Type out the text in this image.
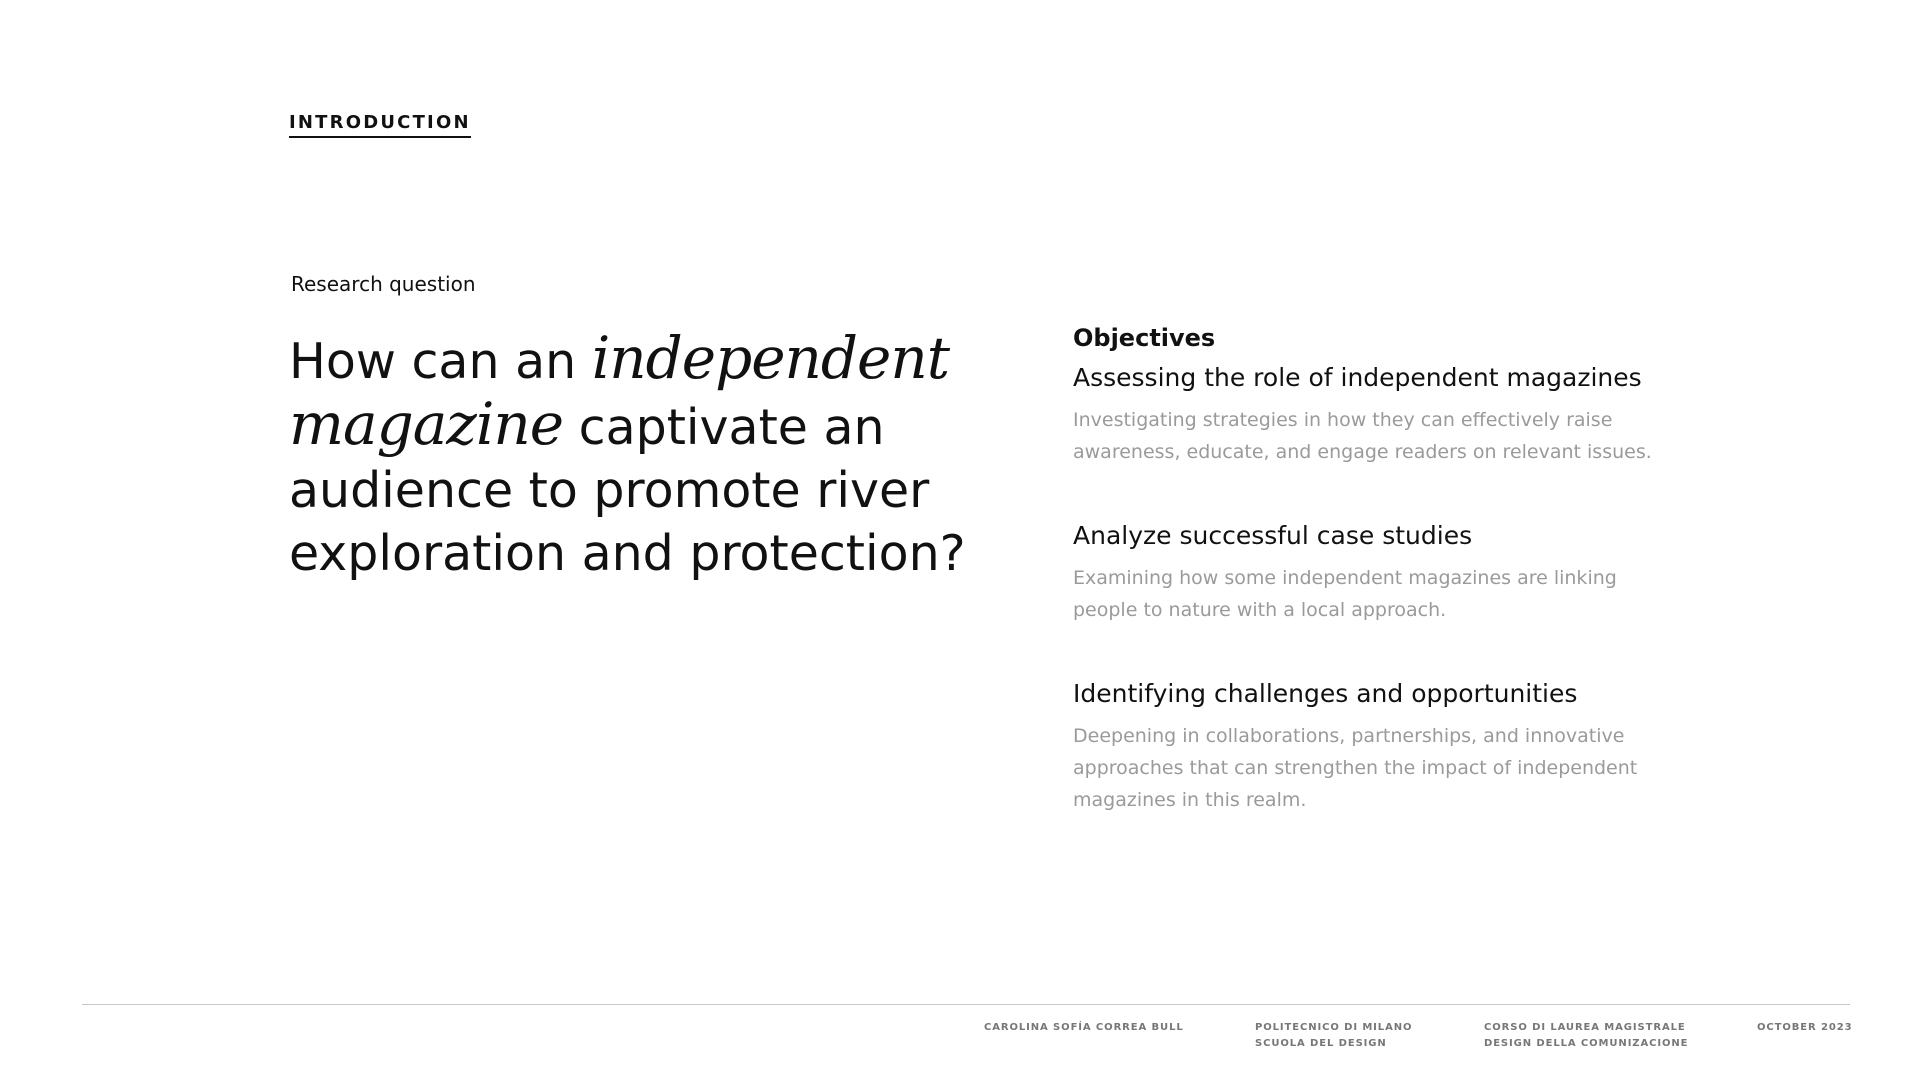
INTRODUCTION
Research question
How can an independent
magazine captivate an audience to promote river exploration and protection?
Objectives
Assessing the role of independent magazines

Investigating strategies in how they can effectively raise awareness, educate, and engage readers on relevant issues.

Analyze successful case studies

Examining how some independent magazines are linking people to nature with a local approach.

Identifying challenges and opportunities

Deepening in collaborations, partnerships, and innovative approaches that can strengthen the impact of independent magazines in this realm.

CAROLINA SOFÍA CORREA BULL	POLITECNICO DI MILANO
SCUOLA DEL DESIGN
CORSO DI LAUREA MAGISTRALE
DESIGN DELLA COMUNIZACIONE
OCTOBER 2023
